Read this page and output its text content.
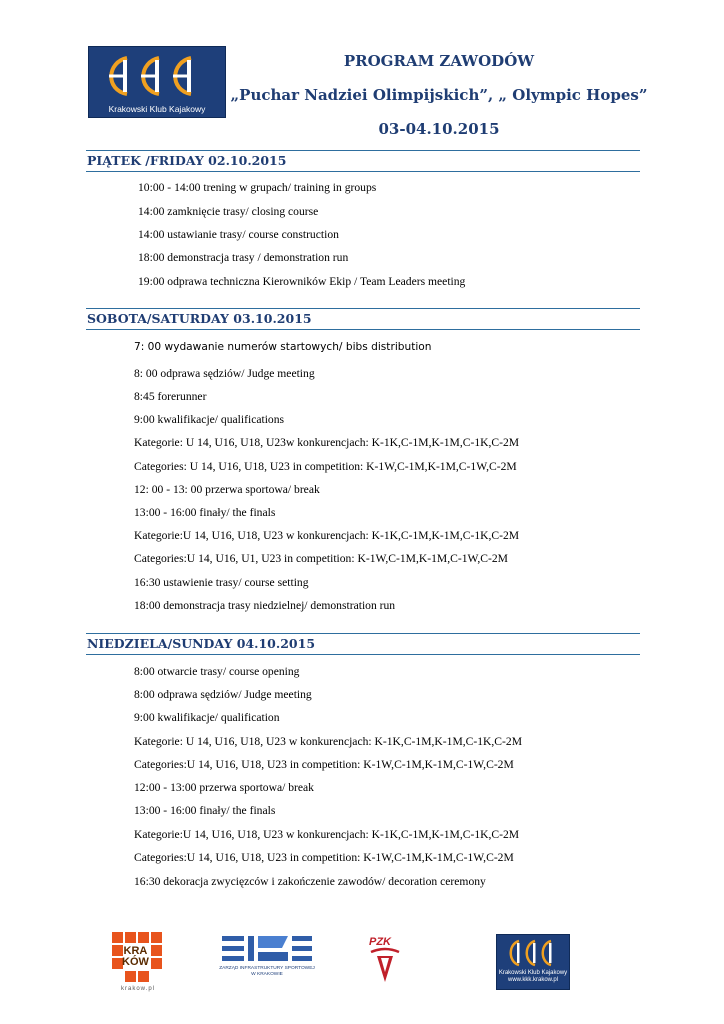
Krakowski Klub Kajakowy
PROGRAM ZAWODÓW
„Puchar Nadziei Olimpijskich”, „ Olympic Hopes”
03-04.10.2015
PIĄTEK /FRIDAY 02.10.2015
10:00 - 14:00 trening w grupach/ training in groups
14:00 zamknięcie trasy/ closing course
14:00 ustawianie trasy/ course construction
18:00 demonstracja trasy / demonstration run
19:00 odprawa techniczna Kierowników Ekip / Team Leaders meeting
SOBOTA/SATURDAY 03.10.2015
7: 00 wydawanie numerów startowych/ bibs distribution
8: 00 odprawa sędziów/ Judge meeting
8:45 forerunner
9:00 kwalifikacje/ qualifications
Kategorie: U 14, U16, U18, U23w konkurencjach: K-1K,C-1M,K-1M,C-1K,C-2M
Categories: U 14, U16, U18, U23 in competition: K-1W,C-1M,K-1M,C-1W,C-2M
12: 00 - 13: 00 przerwa sportowa/ break
13:00 - 16:00 finały/ the finals
Kategorie:U 14, U16, U18, U23 w konkurencjach: K-1K,C-1M,K-1M,C-1K,C-2M
Categories:U 14, U16, U1, U23 in competition: K-1W,C-1M,K-1M,C-1W,C-2M
16:30 ustawienie trasy/ course setting
18:00 demonstracja trasy niedzielnej/ demonstration run
NIEDZIELA/SUNDAY 04.10.2015
8:00 otwarcie trasy/ course opening
8:00 odprawa sędziów/ Judge meeting
9:00 kwalifikacje/ qualification
Kategorie: U 14, U16, U18, U23 w konkurencjach: K-1K,C-1M,K-1M,C-1K,C-2M
Categories:U 14, U16, U18, U23 in competition: K-1W,C-1M,K-1M,C-1W,C-2M
12:00 - 13:00 przerwa sportowa/ break
13:00 - 16:00 finały/ the finals
Kategorie:U 14, U16, U18, U23 w konkurencjach: K-1K,C-1M,K-1M,C-1K,C-2M
Categories:U 14, U16, U18, U23 in competition: K-1W,C-1M,K-1M,C-1W,C-2M
16:30 dekoracja zwycięzców i zakończenie zawodów/ decoration ceremony
KRA
KÓW
krakow.pl
ZARZĄD INFRASTRUKTURY SPORTOWEJ W KRAKOWIE
PZK
Krakowski Klub Kajakowy
www.kkk.krakow.pl
